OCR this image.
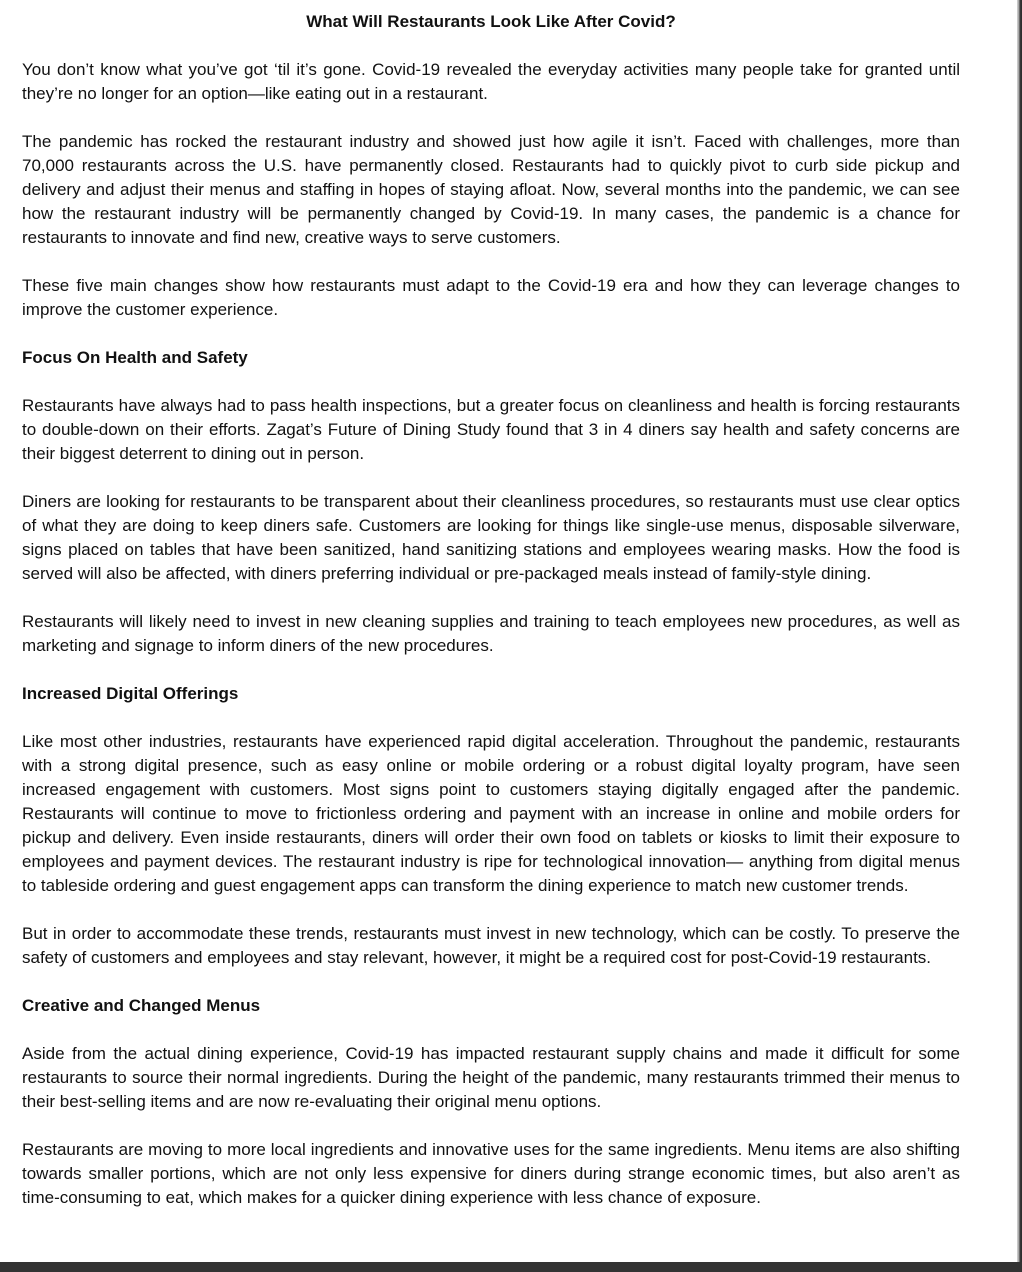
What Will Restaurants Look Like After Covid?

You don’t know what you’ve got ‘til it’s gone. Covid-19 revealed the everyday activities many people take for granted until they’re no longer for an option—like eating out in a restaurant.

The pandemic has rocked the restaurant industry and showed just how agile it isn’t. Faced with challenges, more than 70,000 restaurants across the U.S. have permanently closed. Restaurants had to quickly pivot to curb side pickup and delivery and adjust their menus and staffing in hopes of staying afloat. Now, several months into the pandemic, we can see how the restaurant industry will be permanently changed by Covid-19. In many cases, the pandemic is a chance for restaurants to innovate and find new, creative ways to serve customers.

These five main changes show how restaurants must adapt to the Covid-19 era and how they can leverage changes to improve the customer experience.

Focus On Health and Safety

Restaurants have always had to pass health inspections, but a greater focus on cleanliness and health is forcing restaurants to double-down on their efforts. Zagat’s Future of Dining Study found that 3 in 4 diners say health and safety concerns are their biggest deterrent to dining out in person.

Diners are looking for restaurants to be transparent about their cleanliness procedures, so restaurants must use clear optics of what they are doing to keep diners safe. Customers are looking for things like single-use menus, disposable silverware, signs placed on tables that have been sanitized, hand sanitizing stations and employees wearing masks. How the food is served will also be affected, with diners preferring individual or pre-packaged meals instead of family-style dining.

Restaurants will likely need to invest in new cleaning supplies and training to teach employees new procedures, as well as marketing and signage to inform diners of the new procedures.

Increased Digital Offerings

Like most other industries, restaurants have experienced rapid digital acceleration. Throughout the pandemic, restaurants with a strong digital presence, such as easy online or mobile ordering or a robust digital loyalty program, have seen increased engagement with customers. Most signs point to customers staying digitally engaged after the pandemic. Restaurants will continue to move to frictionless ordering and payment with an increase in online and mobile orders for pickup and delivery. Even inside restaurants, diners will order their own food on tablets or kiosks to limit their exposure to employees and payment devices. The restaurant industry is ripe for technological innovation— anything from digital menus to tableside ordering and guest engagement apps can transform the dining experience to match new customer trends.

But in order to accommodate these trends, restaurants must invest in new technology, which can be costly. To preserve the safety of customers and employees and stay relevant, however, it might be a required cost for post-Covid-19 restaurants.

Creative and Changed Menus

Aside from the actual dining experience, Covid-19 has impacted restaurant supply chains and made it difficult for some restaurants to source their normal ingredients. During the height of the pandemic, many restaurants trimmed their menus to their best-selling items and are now re-evaluating their original menu options.

Restaurants are moving to more local ingredients and innovative uses for the same ingredients. Menu items are also shifting towards smaller portions, which are not only less expensive for diners during strange economic times, but also aren’t as time-consuming to eat, which makes for a quicker dining experience with less chance of exposure.
